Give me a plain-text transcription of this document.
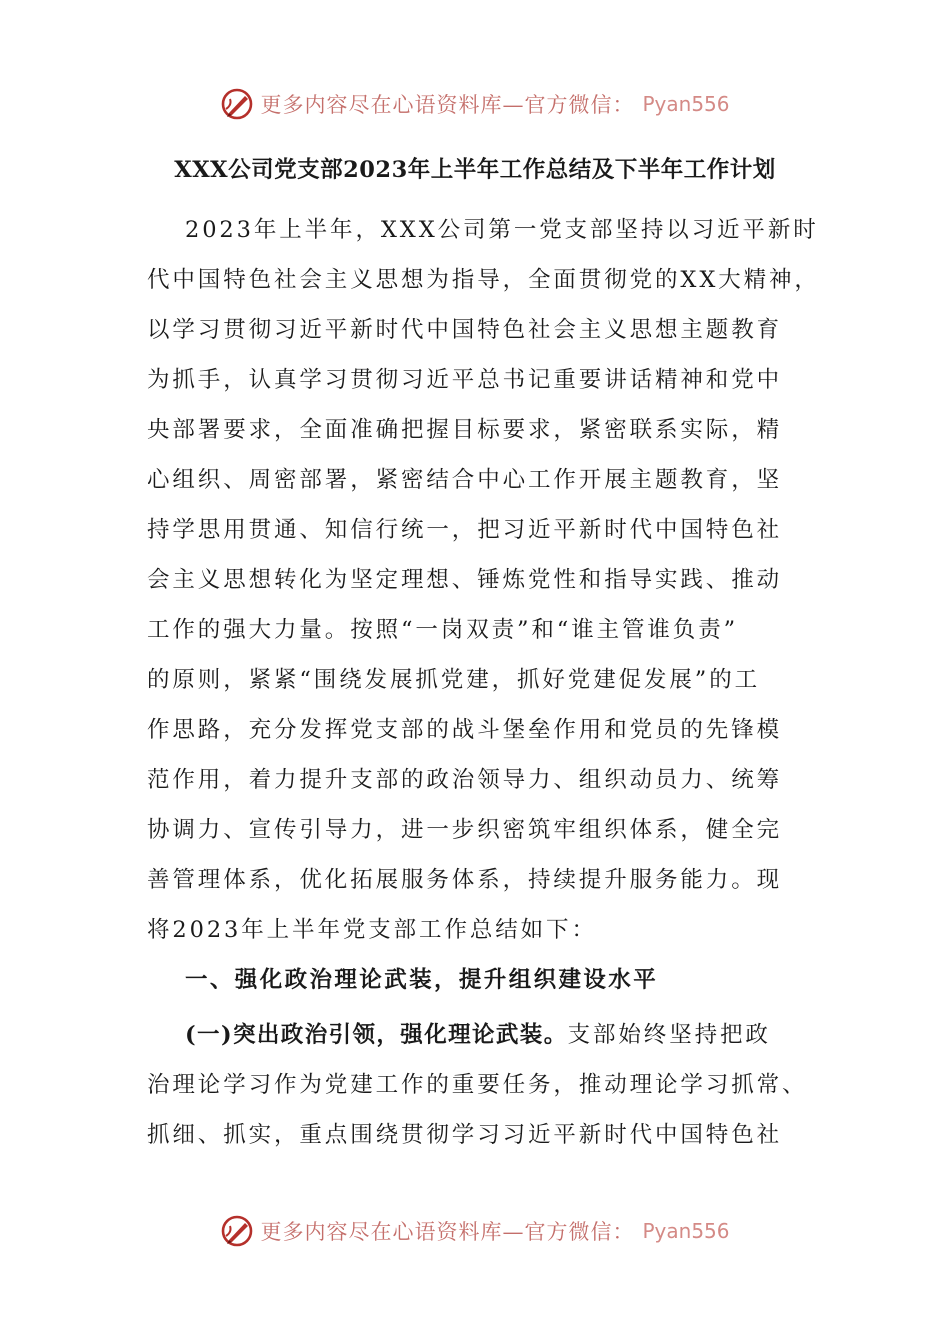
更多内容尽在心语资料库—官方微信： Pyan556
XXX公司党支部2023年上半年工作总结及下半年工作计划
2023年上半年，XXX公司第一党支部坚持以习近平新时
代中国特色社会主义思想为指导，全面贯彻党的XX大精神，
以学习贯彻习近平新时代中国特色社会主义思想主题教育
为抓手，认真学习贯彻习近平总书记重要讲话精神和党中
央部署要求，全面准确把握目标要求，紧密联系实际，精
心组织、周密部署，紧密结合中心工作开展主题教育，坚
持学思用贯通、知信行统一，把习近平新时代中国特色社
会主义思想转化为坚定理想、锤炼党性和指导实践、推动
工作的强大力量。按照“一岗双责”和“谁主管谁负责”
的原则，紧紧“围绕发展抓党建，抓好党建促发展”的工
作思路，充分发挥党支部的战斗堡垒作用和党员的先锋模
范作用，着力提升支部的政治领导力、组织动员力、统筹
协调力、宣传引导力，进一步织密筑牢组织体系，健全完
善管理体系，优化拓展服务体系，持续提升服务能力。现
将2023年上半年党支部工作总结如下：
一、强化政治理论武装，提升组织建设水平
(一)突出政治引领，强化理论武装。支部始终坚持把政
治理论学习作为党建工作的重要任务，推动理论学习抓常、
抓细、抓实，重点围绕贯彻学习习近平新时代中国特色社
更多内容尽在心语资料库—官方微信： Pyan556
